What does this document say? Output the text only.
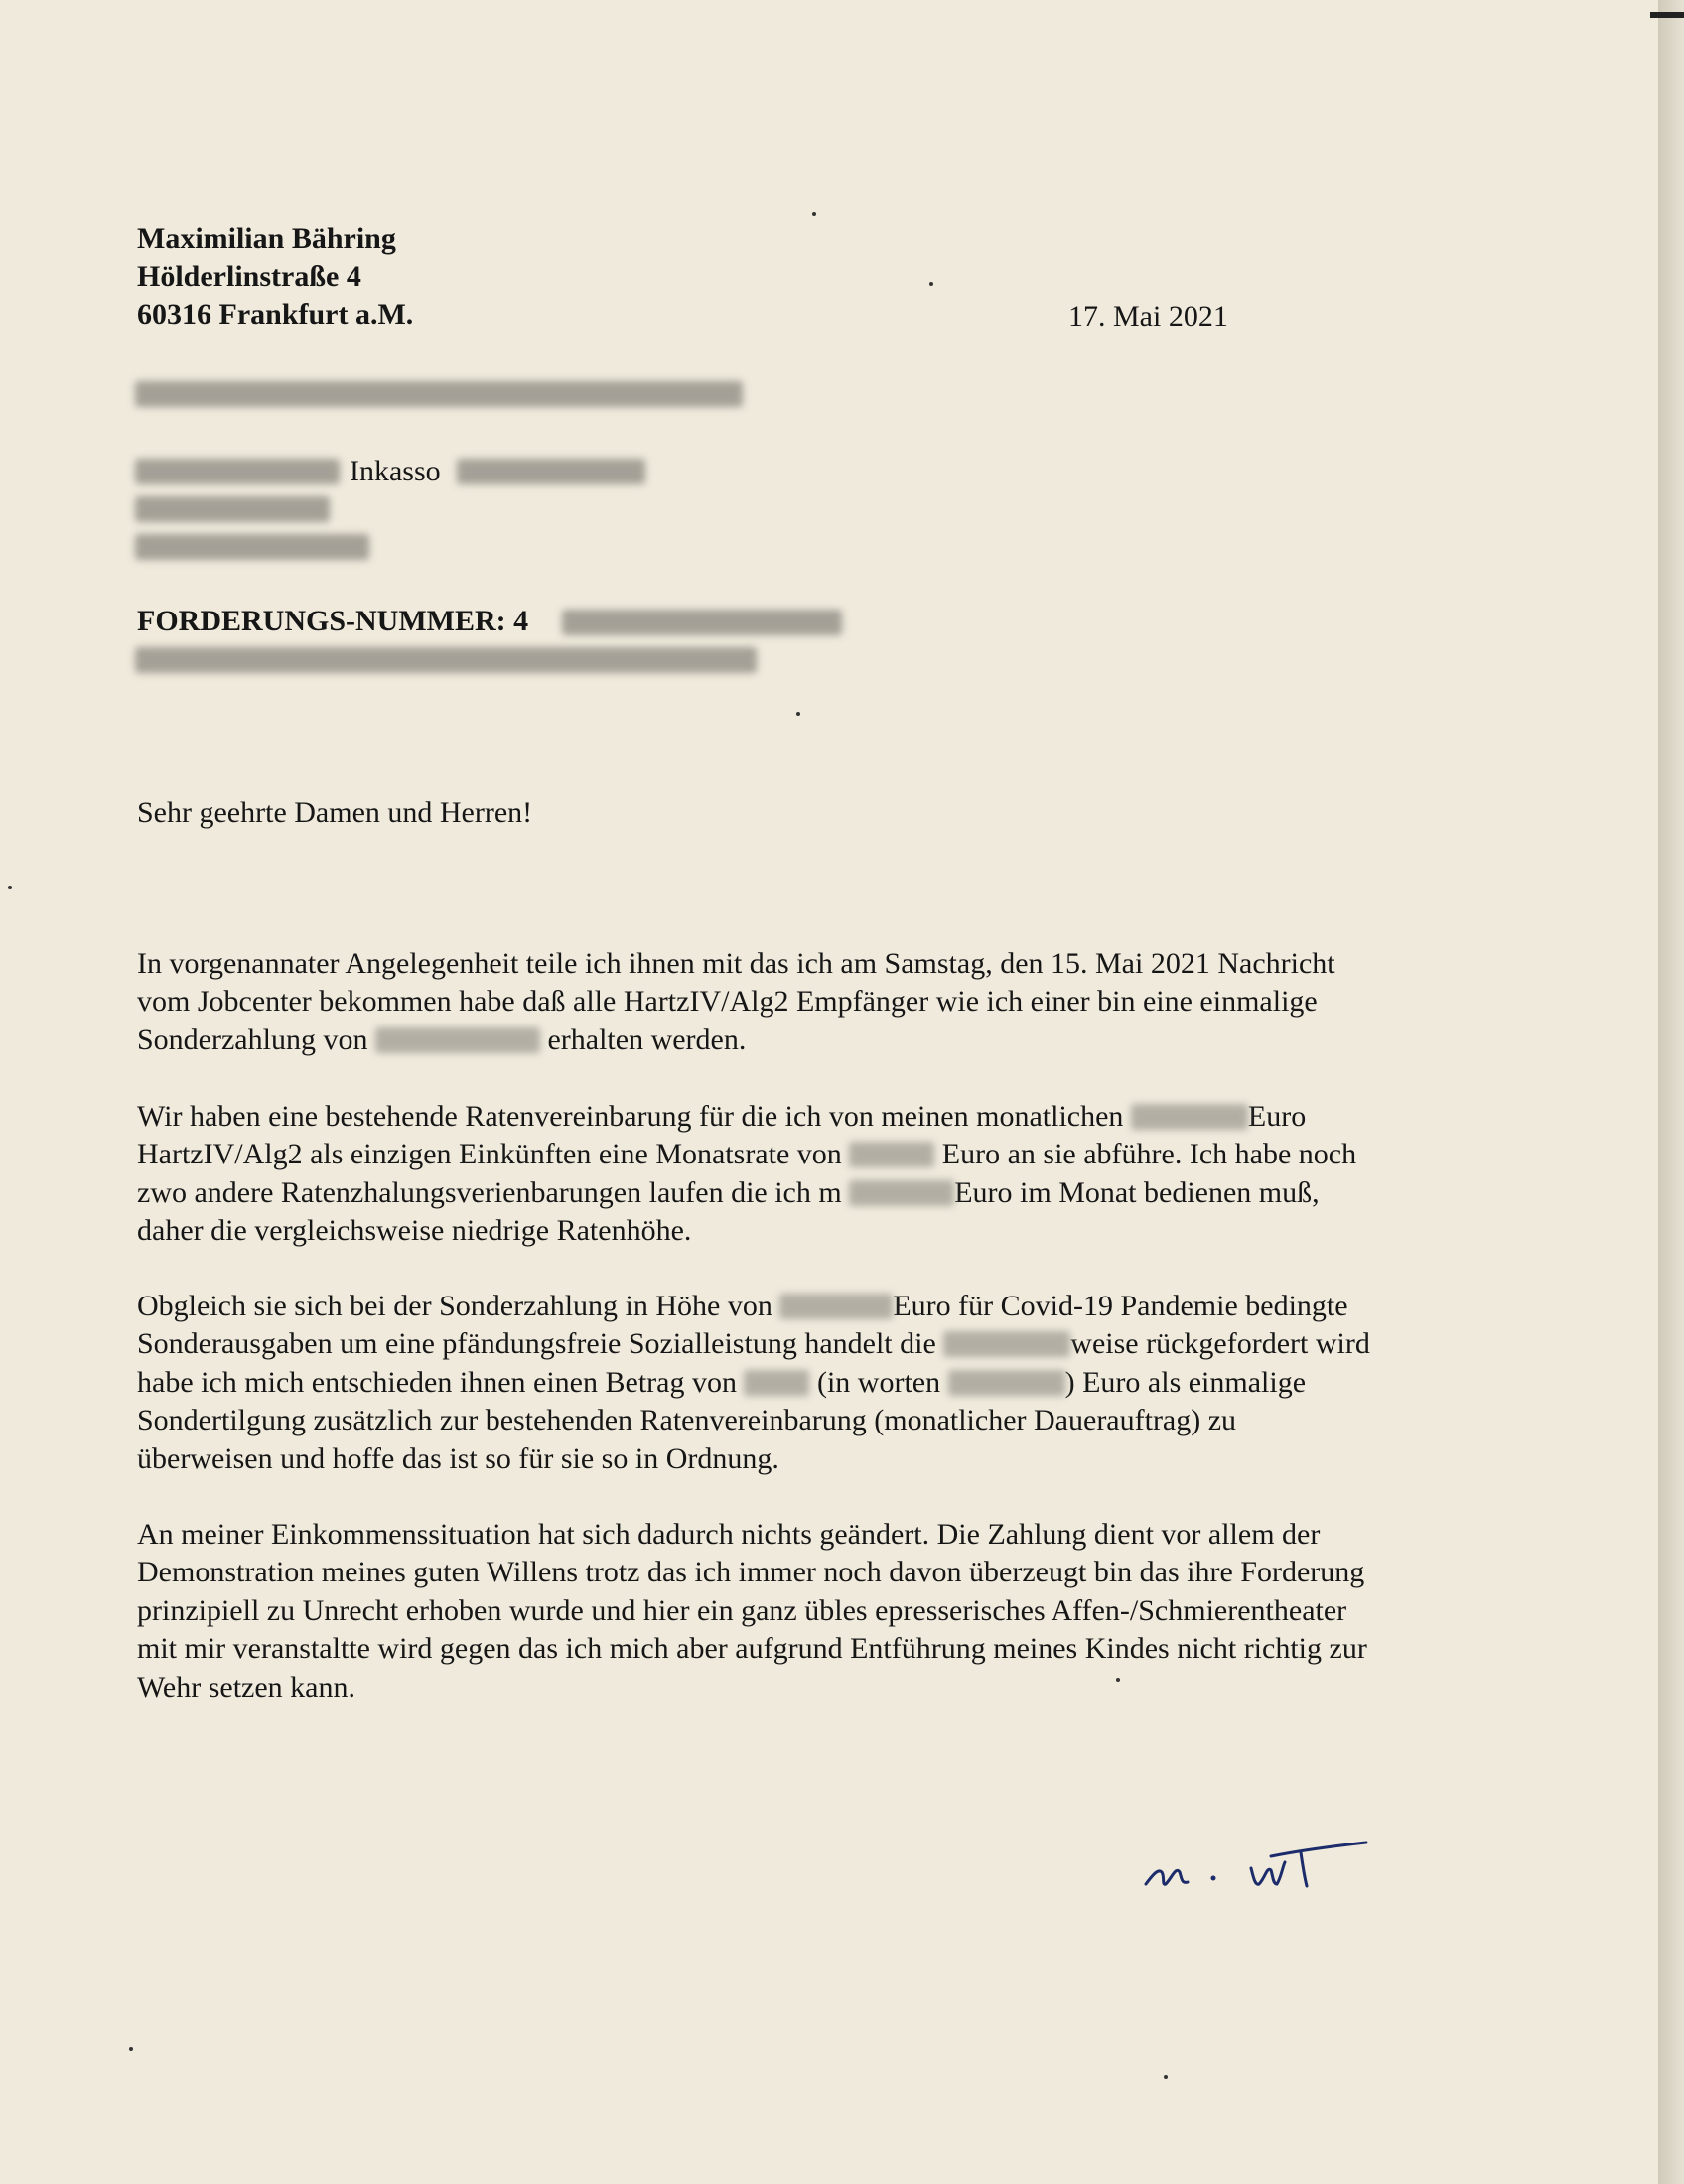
Maximilian Bähring
Hölderlinstraße 4
60316 Frankfurt a.M.	17. Mai 2021
Inkasso
FORDERUNGS-NUMMER: 4
Sehr geehrte Damen und Herren!

In vorgenannater Angelegenheit teile ich ihnen mit das ich am Samstag, den 15. Mai 2021 Nachricht

vom Jobcenter bekommen habe daß alle HartzIV/Alg2 Empfänger wie ich einer bin eine einmalige

Sonderzahlung von	erhalten werden.

Wir haben eine bestehende Ratenvereinbarung für die ich von meinen monatlichen	Euro

HartzIV/Alg2 als einzigen Einkünften eine Monatsrate von	Euro an sie abführe. Ich habe noch

zwo andere Ratenzhalungsverienbarungen laufen die ich m	Euro im Monat bedienen muß,

daher die vergleichsweise niedrige Ratenhöhe.

Obgleich sie sich bei der Sonderzahlung in Höhe von	Euro für Covid-19 Pandemie bedingte

Sonderausgaben um eine pfändungsfreie Sozialleistung handelt die	weise rückgefordert wird

habe ich mich entschieden ihnen einen Betrag von	(in worten	) Euro als einmalige

Sondertilgung zusätzlich zur bestehenden Ratenvereinbarung (monatlicher Dauerauftrag) zu

überweisen und hoffe das ist so für sie so in Ordnung.

An meiner Einkommenssituation hat sich dadurch nichts geändert. Die Zahlung dient vor allem der

Demonstration meines guten Willens trotz das ich immer noch davon überzeugt bin das ihre Forderung

prinzipiell zu Unrecht erhoben wurde und hier ein ganz übles epresserisches Affen-/Schmierentheater

mit mir veranstaltte wird gegen das ich mich aber aufgrund Entführung meines Kindes nicht richtig zur

Wehr setzen kann.
